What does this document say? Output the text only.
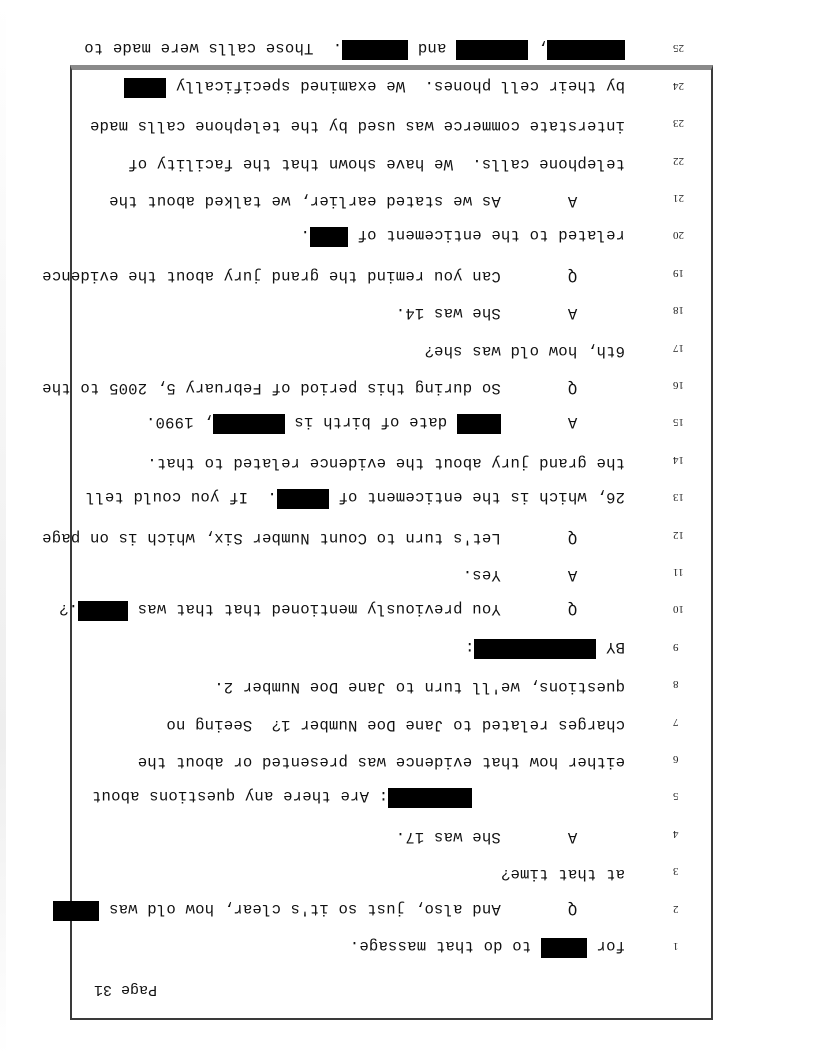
Page 31
1
for  to do that massage.
2
Q       And also, just so it's clear, how old was
3
at that time?
4
A       She was 17.
5
: Are there any questions about
6
either how that evidence was presented or about the
7
charges related to Jane Doe Number 1?  Seeing no
8
questions, we'll turn to Jane Doe Number 2.
9
BY :
10
Q       You previously mentioned that that was .?
11
A       Yes.
12
Q       Let's turn to Count Number Six, which is on page
13
26, which is the enticement of .  If you could tell
14
the grand jury about the evidence related to that.
15
A        date of birth is , 1990.
16
Q       So during this period of February 5, 2005 to the
17
6th, how old was she?
18
A       She was 14.
19
Q       Can you remind the grand jury about the evidence
20
related to the enticement of .
21
A       As we stated earlier, we talked about the
22
telephone calls.  We have shown that the facility of
23
interstate commerce was used by the telephone calls made
24
by their cell phones.  We examined specifically
25
,  and .  Those calls were made to
